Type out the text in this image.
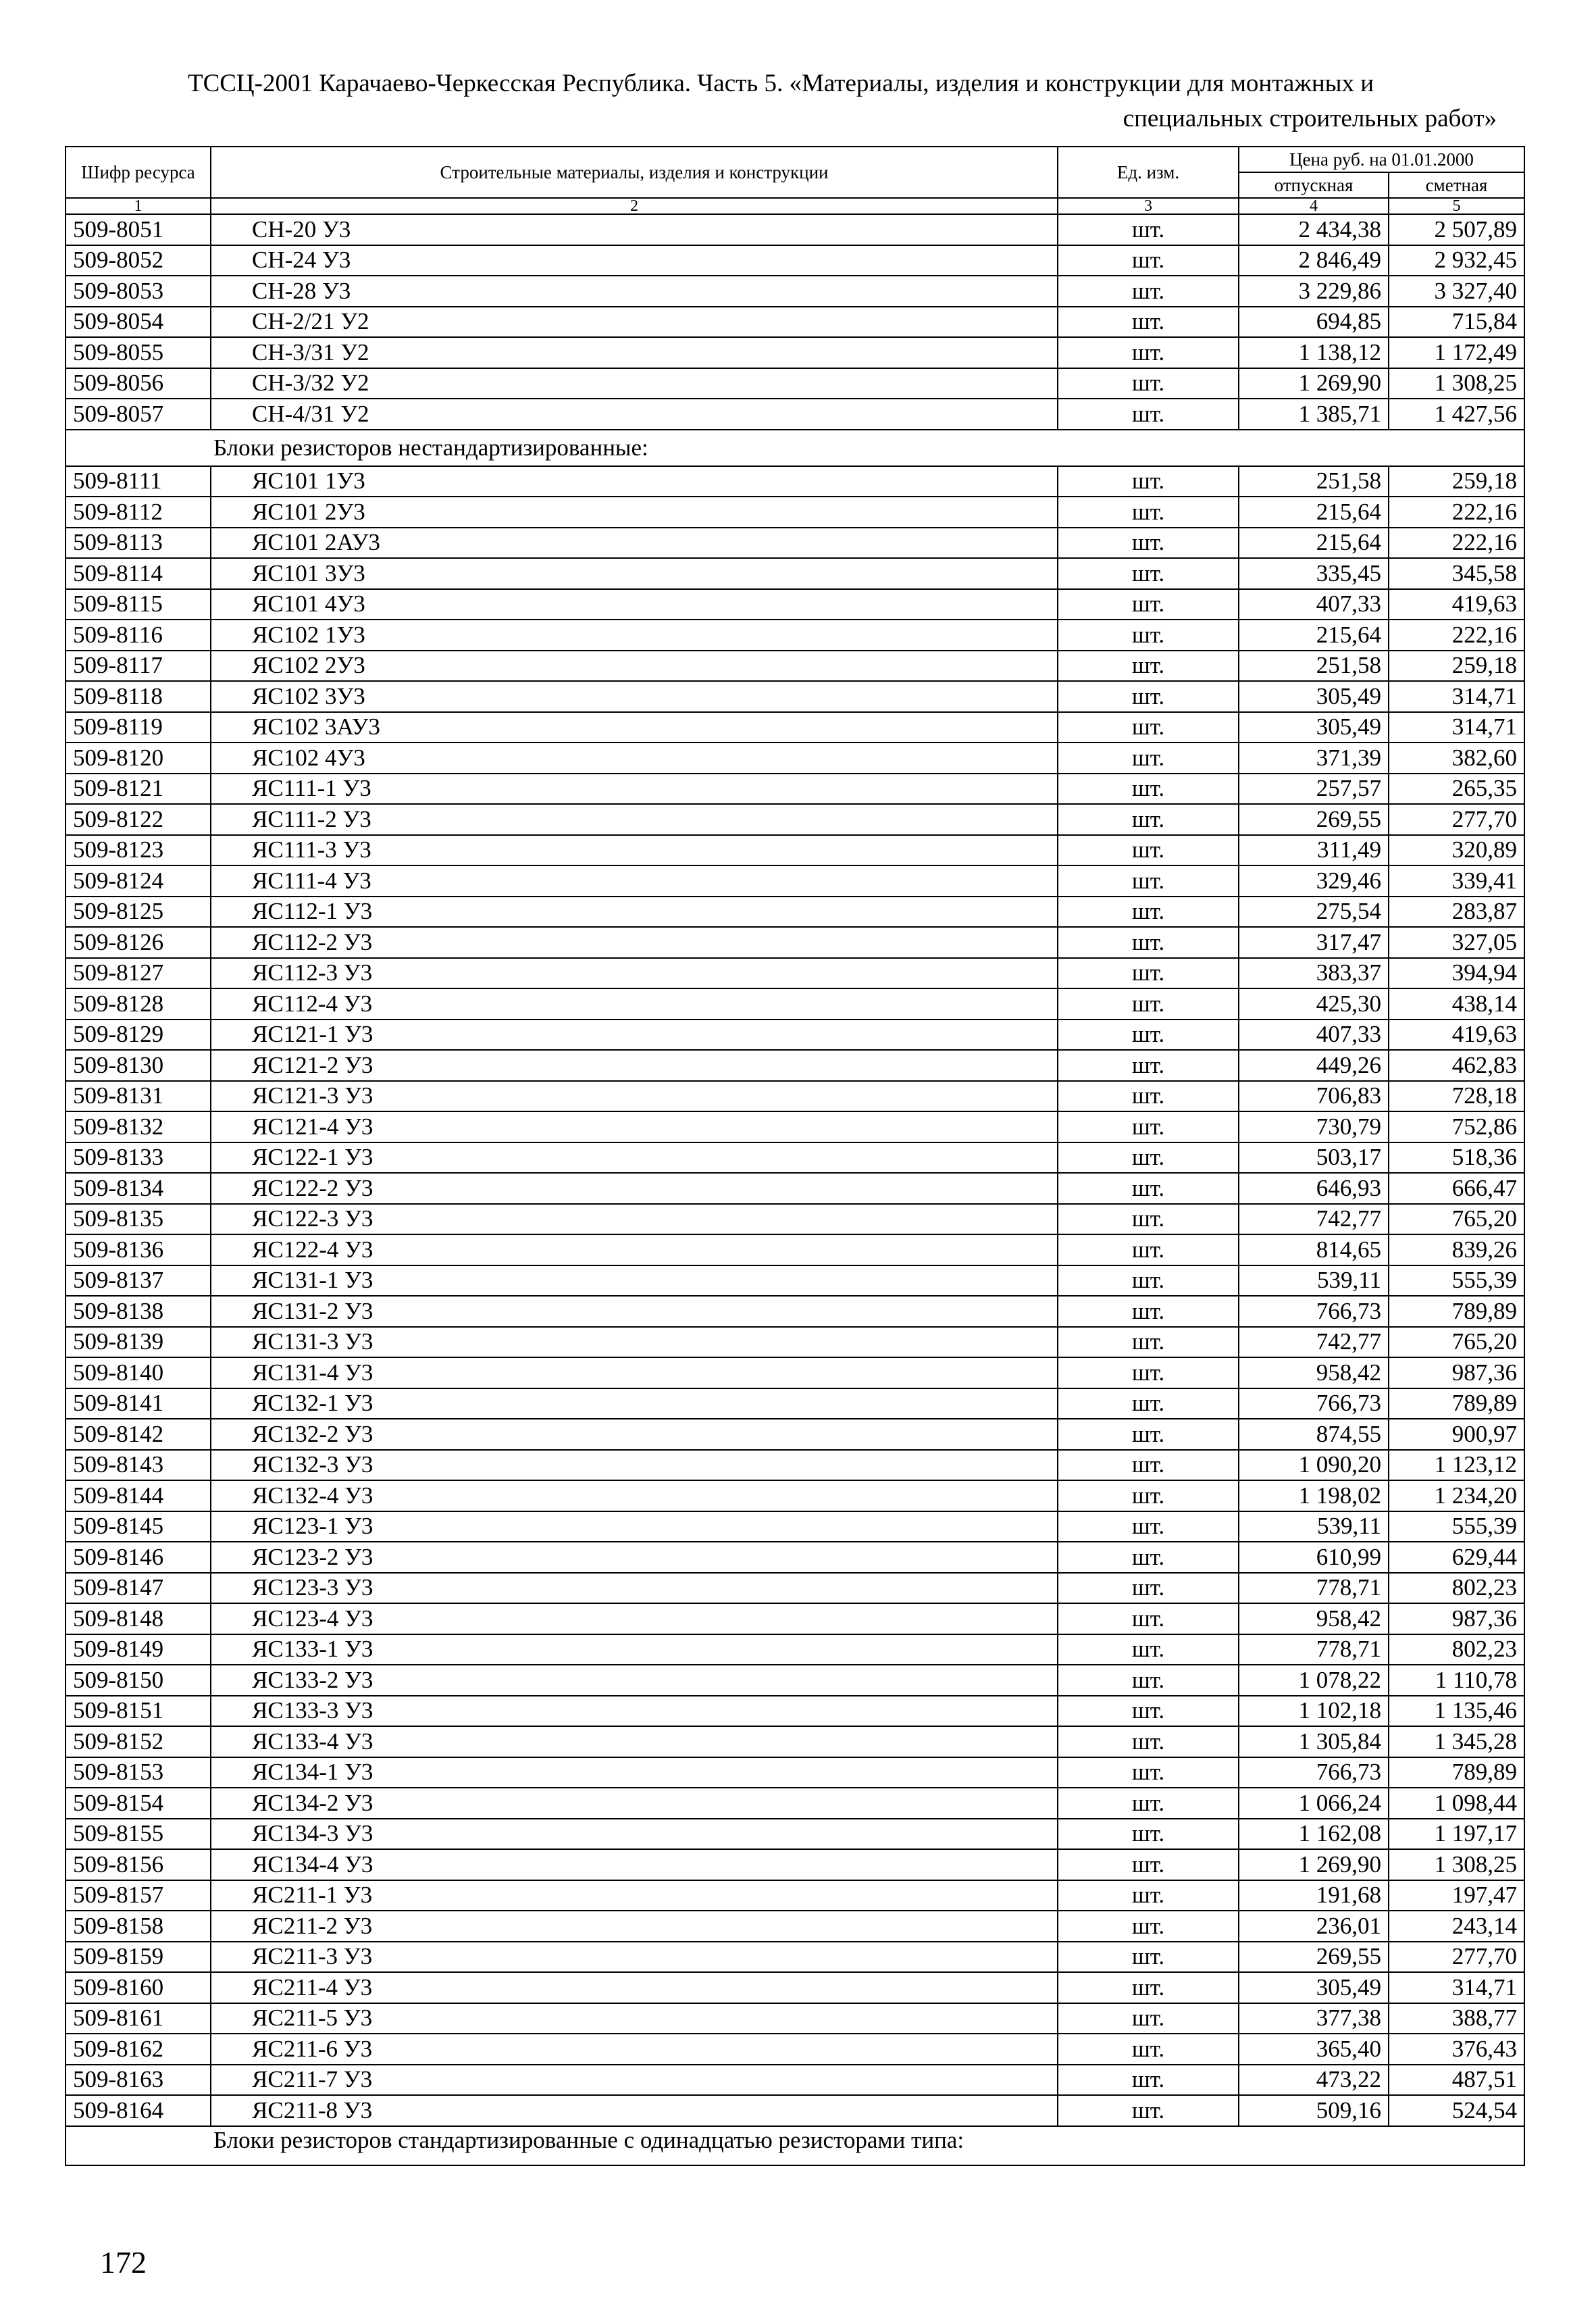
ТССЦ-2001 Карачаево-Черкесская Республика. Часть 5. «Материалы, изделия и конструкции для монтажных и
специальных строительных работ»
Шифр ресурса	Строительные материалы, изделия и конструкции	Ед. изм.	Цена руб. на 01.01.2000	
			отпускная	сметная
1	2	3	4	5
509-8051	СН-20 У3	шт.	2 434,38	2 507,89
509-8052	СН-24 У3	шт.	2 846,49	2 932,45
509-8053	СН-28 У3	шт.	3 229,86	3 327,40
509-8054	СН-2/21 У2	шт.	694,85	715,84
509-8055	СН-3/31 У2	шт.	1 138,12	1 172,49
509-8056	СН-3/32 У2	шт.	1 269,90	1 308,25
509-8057	СН-4/31 У2	шт.	1 385,71	1 427,56
Блоки резисторов нестандартизированные:				
509-8111	ЯС101 1У3	шт.	251,58	259,18
509-8112	ЯС101 2У3	шт.	215,64	222,16
509-8113	ЯС101 2АУ3	шт.	215,64	222,16
509-8114	ЯС101 3У3	шт.	335,45	345,58
509-8115	ЯС101 4У3	шт.	407,33	419,63
509-8116	ЯС102 1У3	шт.	215,64	222,16
509-8117	ЯС102 2У3	шт.	251,58	259,18
509-8118	ЯС102 3У3	шт.	305,49	314,71
509-8119	ЯС102 3АУ3	шт.	305,49	314,71
509-8120	ЯС102 4У3	шт.	371,39	382,60
509-8121	ЯС111-1 У3	шт.	257,57	265,35
509-8122	ЯС111-2 У3	шт.	269,55	277,70
509-8123	ЯС111-3 У3	шт.	311,49	320,89
509-8124	ЯС111-4 У3	шт.	329,46	339,41
509-8125	ЯС112-1 У3	шт.	275,54	283,87
509-8126	ЯС112-2 У3	шт.	317,47	327,05
509-8127	ЯС112-3 У3	шт.	383,37	394,94
509-8128	ЯС112-4 У3	шт.	425,30	438,14
509-8129	ЯС121-1 У3	шт.	407,33	419,63
509-8130	ЯС121-2 У3	шт.	449,26	462,83
509-8131	ЯС121-3 У3	шт.	706,83	728,18
509-8132	ЯС121-4 У3	шт.	730,79	752,86
509-8133	ЯС122-1 У3	шт.	503,17	518,36
509-8134	ЯС122-2 У3	шт.	646,93	666,47
509-8135	ЯС122-3 У3	шт.	742,77	765,20
509-8136	ЯС122-4 У3	шт.	814,65	839,26
509-8137	ЯС131-1 У3	шт.	539,11	555,39
509-8138	ЯС131-2 У3	шт.	766,73	789,89
509-8139	ЯС131-3 У3	шт.	742,77	765,20
509-8140	ЯС131-4 У3	шт.	958,42	987,36
509-8141	ЯС132-1 У3	шт.	766,73	789,89
509-8142	ЯС132-2 У3	шт.	874,55	900,97
509-8143	ЯС132-3 У3	шт.	1 090,20	1 123,12
509-8144	ЯС132-4 У3	шт.	1 198,02	1 234,20
509-8145	ЯС123-1 У3	шт.	539,11	555,39
509-8146	ЯС123-2 У3	шт.	610,99	629,44
509-8147	ЯС123-3 У3	шт.	778,71	802,23
509-8148	ЯС123-4 У3	шт.	958,42	987,36
509-8149	ЯС133-1 У3	шт.	778,71	802,23
509-8150	ЯС133-2 У3	шт.	1 078,22	1 110,78
509-8151	ЯС133-3 У3	шт.	1 102,18	1 135,46
509-8152	ЯС133-4 У3	шт.	1 305,84	1 345,28
509-8153	ЯС134-1 У3	шт.	766,73	789,89
509-8154	ЯС134-2 У3	шт.	1 066,24	1 098,44
509-8155	ЯС134-3 У3	шт.	1 162,08	1 197,17
509-8156	ЯС134-4 У3	шт.	1 269,90	1 308,25
509-8157	ЯС211-1 У3	шт.	191,68	197,47
509-8158	ЯС211-2 У3	шт.	236,01	243,14
509-8159	ЯС211-3 У3	шт.	269,55	277,70
509-8160	ЯС211-4 У3	шт.	305,49	314,71
509-8161	ЯС211-5 У3	шт.	377,38	388,77
509-8162	ЯС211-6 У3	шт.	365,40	376,43
509-8163	ЯС211-7 У3	шт.	473,22	487,51
509-8164	ЯС211-8 У3	шт.	509,16	524,54
Блоки резисторов стандартизированные с одинадцатью резисторами типа:				
172
